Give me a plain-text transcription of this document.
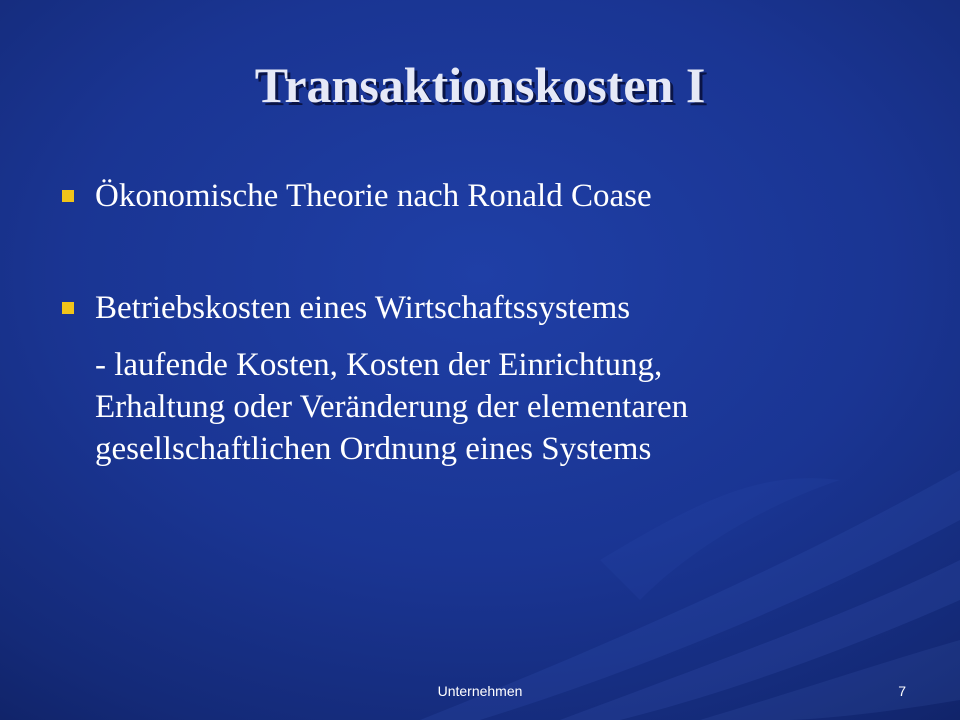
Transaktionskosten I
Ökonomische Theorie nach Ronald Coase
Betriebskosten eines Wirtschaftssystems
- laufende Kosten, Kosten der Einrichtung,
Erhaltung oder Veränderung der elementaren
gesellschaftlichen Ordnung eines Systems
Unternehmen	7
